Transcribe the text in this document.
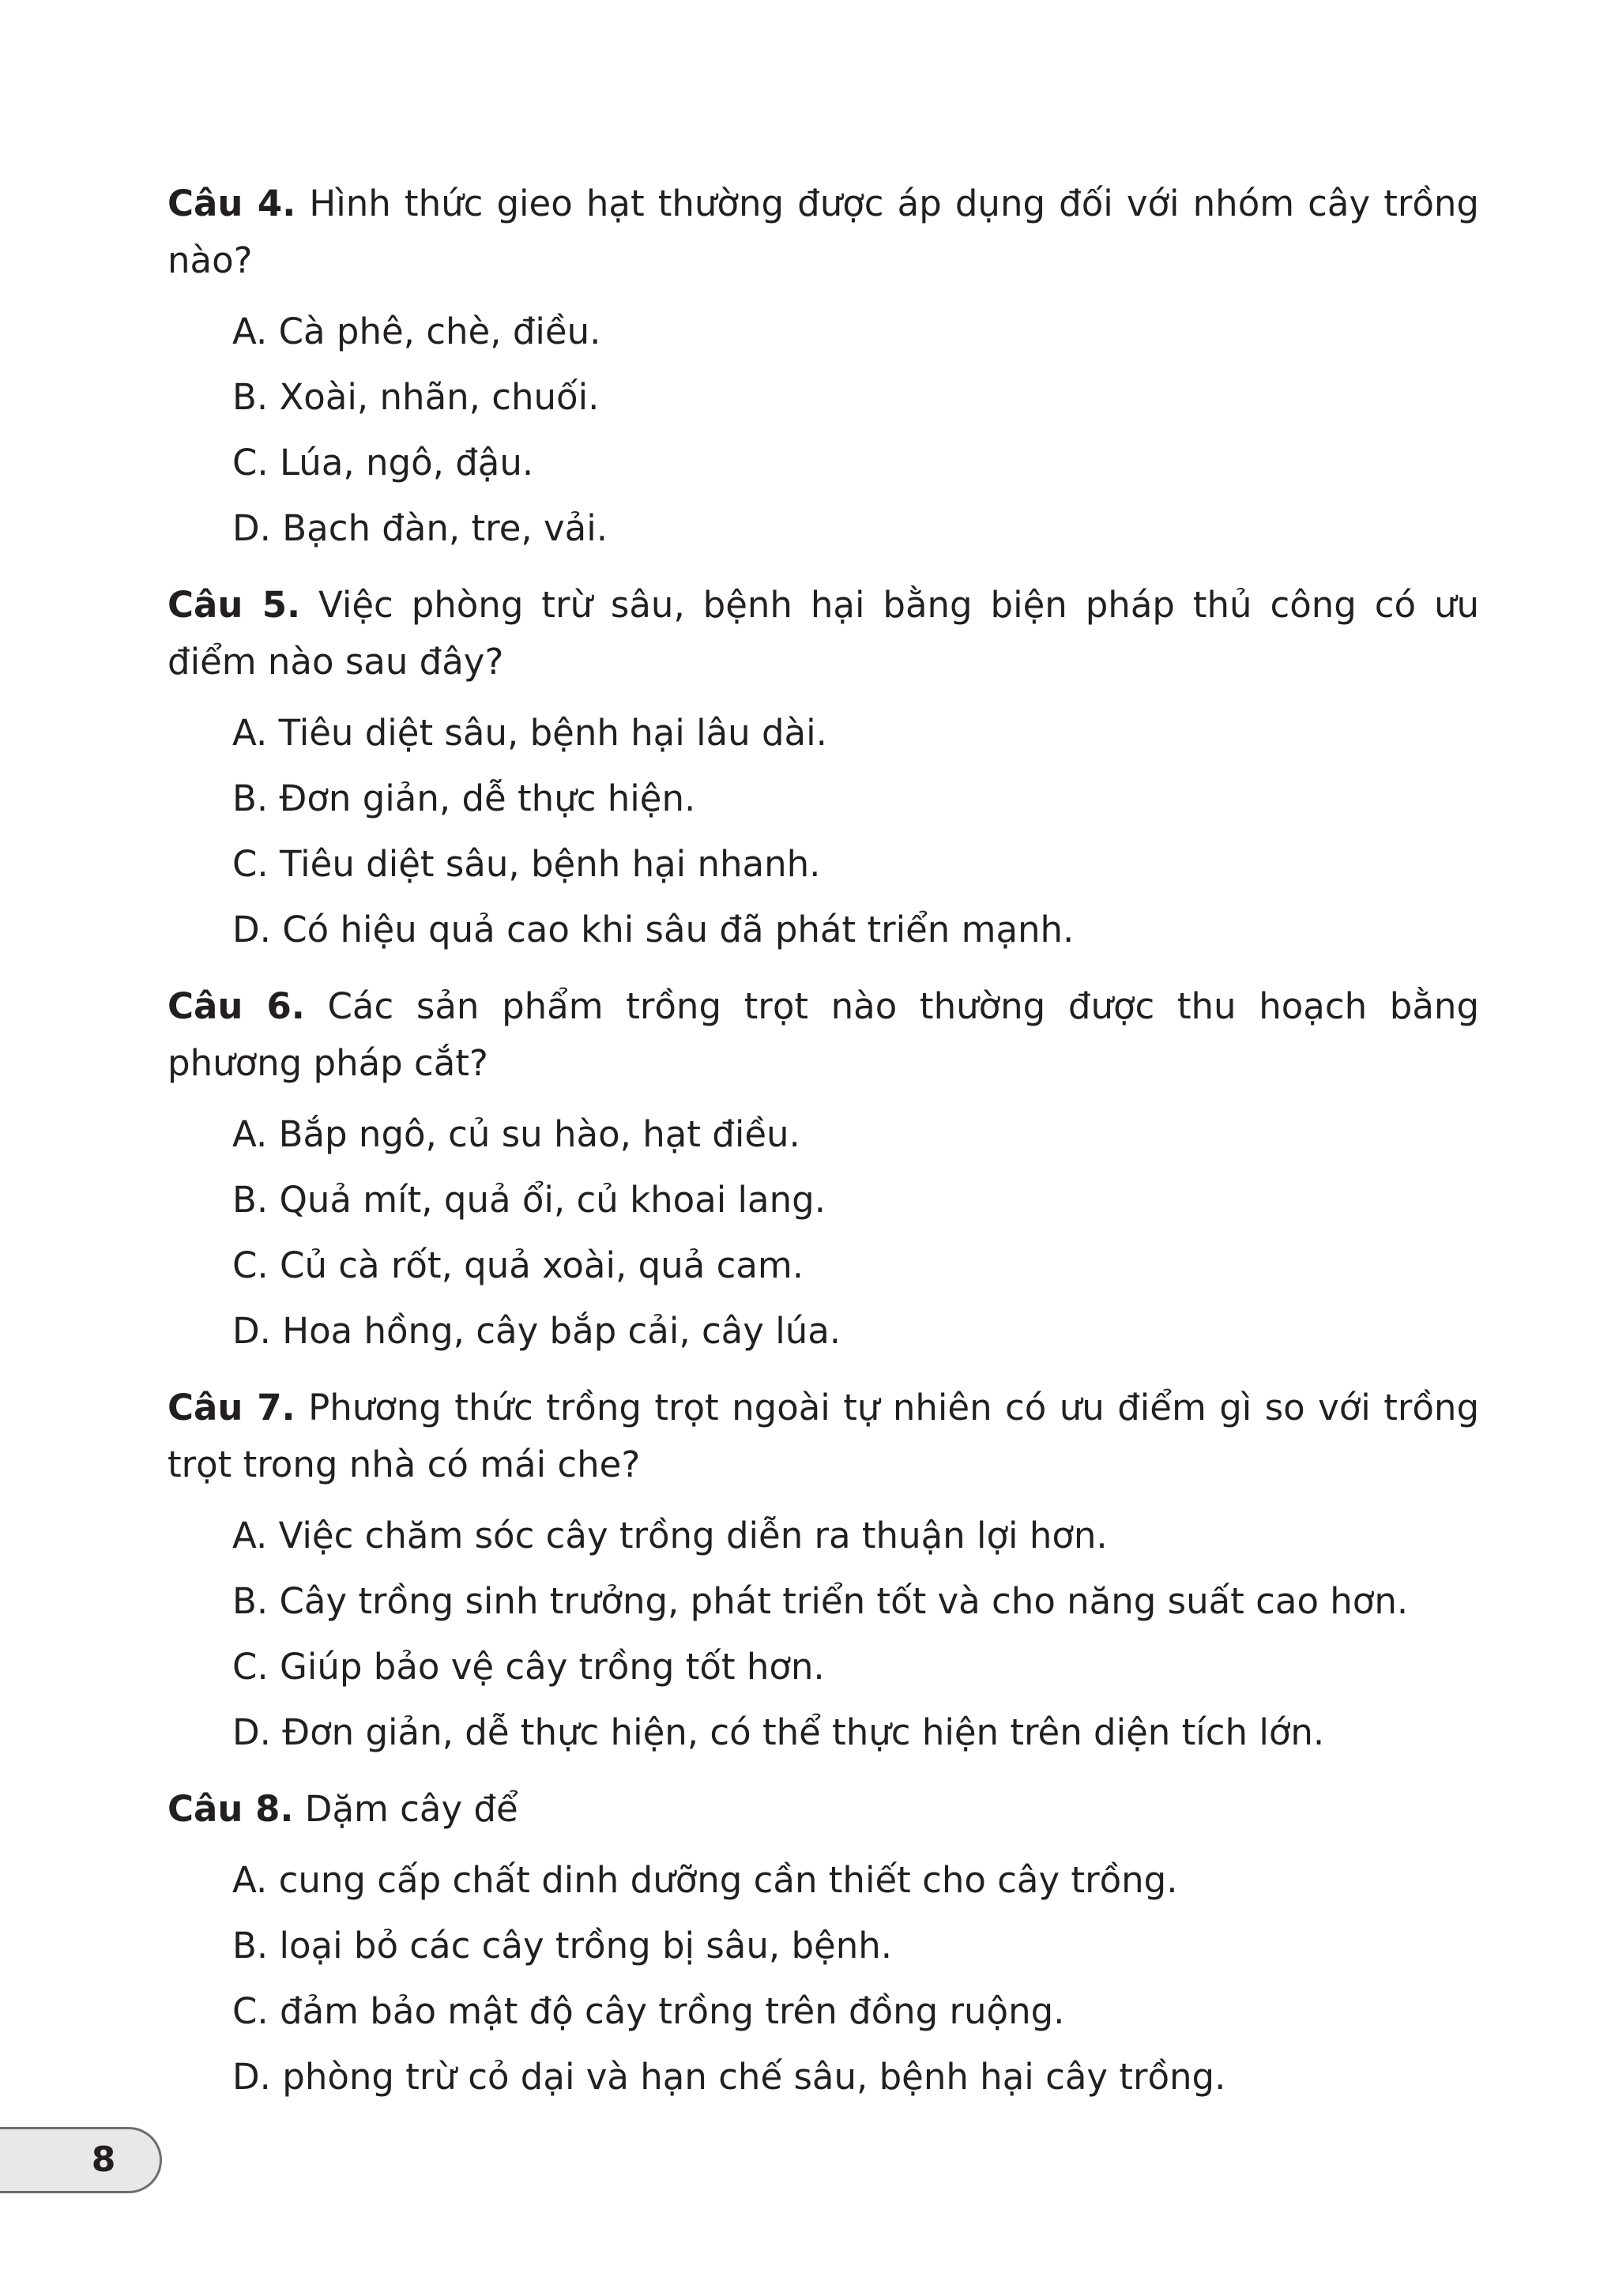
Câu 4. Hình thức gieo hạt thường được áp dụng đối với nhóm cây trồng nào?

A. Cà phê, chè, điều.
B. Xoài, nhãn, chuối.
C. Lúa, ngô, đậu.
D. Bạch đàn, tre, vải.

Câu 5. Việc phòng trừ sâu, bệnh hại bằng biện pháp thủ công có ưu điểm nào sau đây?

A. Tiêu diệt sâu, bệnh hại lâu dài.
B. Đơn giản, dễ thực hiện.
C. Tiêu diệt sâu, bệnh hại nhanh.
D. Có hiệu quả cao khi sâu đã phát triển mạnh.

Câu 6. Các sản phẩm trồng trọt nào thường được thu hoạch bằng phương pháp cắt?

A. Bắp ngô, củ su hào, hạt điều.
B. Quả mít, quả ổi, củ khoai lang.
C. Củ cà rốt, quả xoài, quả cam.
D. Hoa hồng, cây bắp cải, cây lúa.

Câu 7. Phương thức trồng trọt ngoài tự nhiên có ưu điểm gì so với trồng trọt trong nhà có mái che?

A. Việc chăm sóc cây trồng diễn ra thuận lợi hơn.
B. Cây trồng sinh trưởng, phát triển tốt và cho năng suất cao hơn.
C. Giúp bảo vệ cây trồng tốt hơn.
D. Đơn giản, dễ thực hiện, có thể thực hiện trên diện tích lớn.

Câu 8. Dặm cây để

A. cung cấp chất dinh dưỡng cần thiết cho cây trồng.
B. loại bỏ các cây trồng bị sâu, bệnh.
C. đảm bảo mật độ cây trồng trên đồng ruộng.
D. phòng trừ cỏ dại và hạn chế sâu, bệnh hại cây trồng.
8
